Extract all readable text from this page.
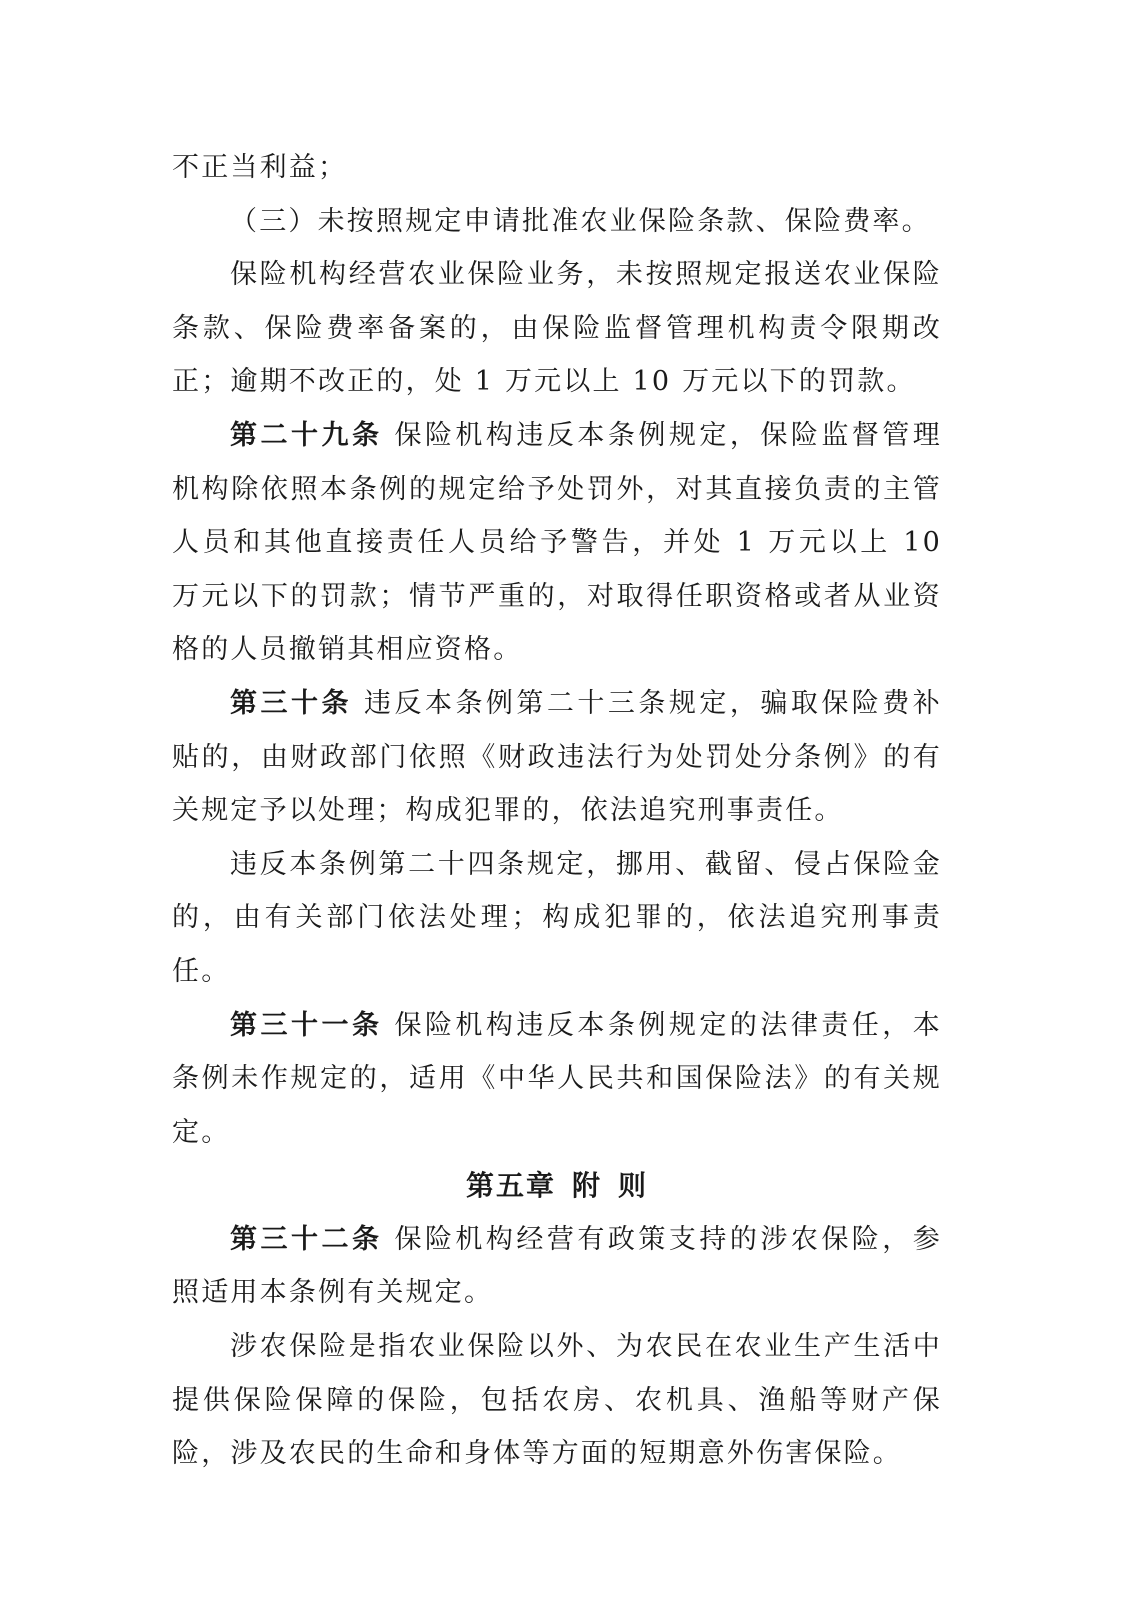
不正当利益；

（三）未按照规定申请批准农业保险条款、保险费率。

保险机构经营农业保险业务，未按照规定报送农业保险条款、保险费率备案的，由保险监督管理机构责令限期改正；逾期不改正的，处 1 万元以上 10 万元以下的罚款。

第二十九条 保险机构违反本条例规定，保险监督管理机构除依照本条例的规定给予处罚外，对其直接负责的主管人员和其他直接责任人员给予警告，并处 1 万元以上 10 万元以下的罚款；情节严重的，对取得任职资格或者从业资格的人员撤销其相应资格。

第三十条 违反本条例第二十三条规定，骗取保险费补贴的，由财政部门依照《财政违法行为处罚处分条例》的有关规定予以处理；构成犯罪的，依法追究刑事责任。

违反本条例第二十四条规定，挪用、截留、侵占保险金的，由有关部门依法处理；构成犯罪的，依法追究刑事责任。

第三十一条 保险机构违反本条例规定的法律责任，本条例未作规定的，适用《中华人民共和国保险法》的有关规定。

第五章 附 则

第三十二条 保险机构经营有政策支持的涉农保险，参照适用本条例有关规定。

涉农保险是指农业保险以外、为农民在农业生产生活中提供保险保障的保险，包括农房、农机具、渔船等财产保险，涉及农民的生命和身体等方面的短期意外伤害保险。
